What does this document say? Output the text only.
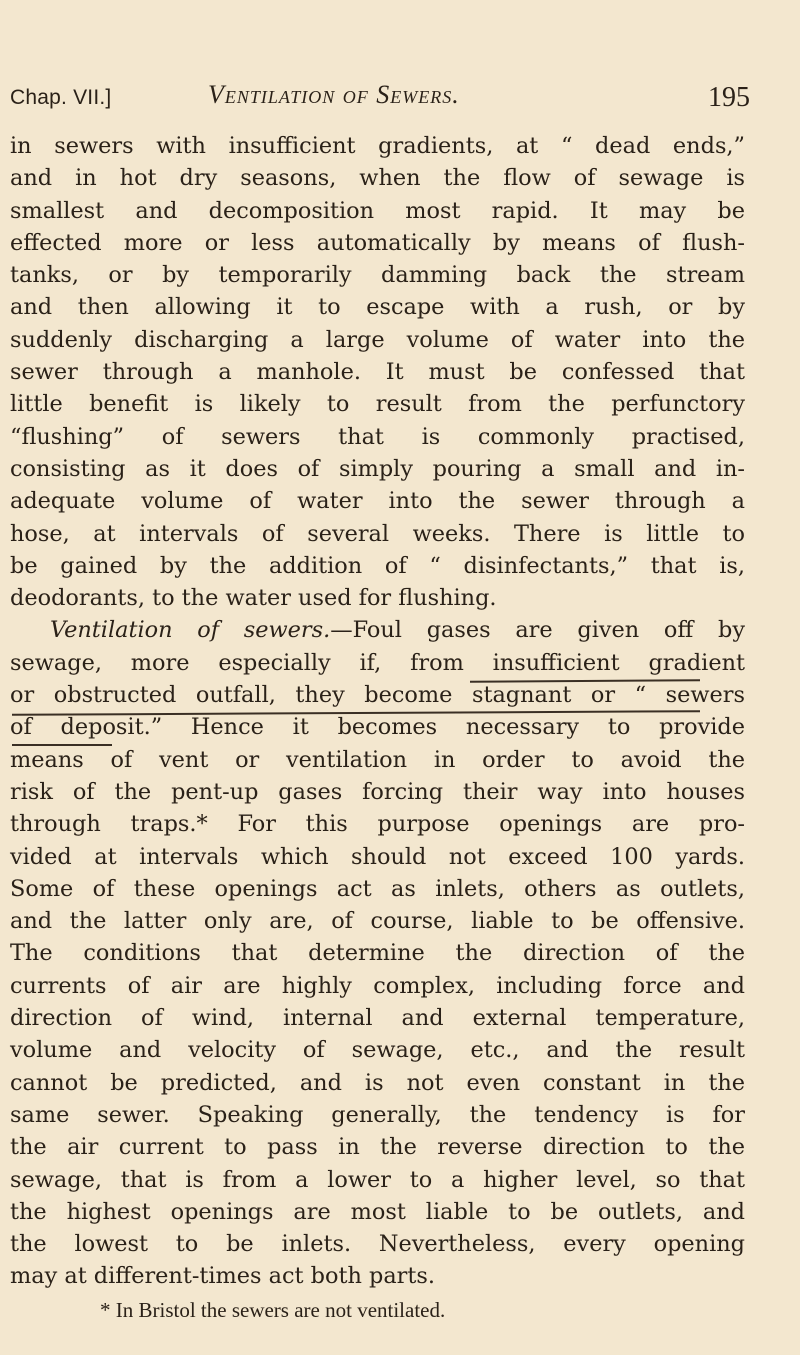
Chap. VII.]	Ventilation of Sewers.	195
in sewers with insufficient gradients, at “ dead ends,”
and in hot dry seasons, when the flow of sewage is
smallest and decomposition most rapid. It may be
effected more or less automatically by means of flush-
tanks, or by temporarily damming back the stream
and then allowing it to escape with a rush, or by
suddenly discharging a large volume of water into the
sewer through a manhole. It must be confessed that
little benefit is likely to result from the perfunctory
“flushing” of sewers that is commonly practised,
consisting as it does of simply pouring a small and in-
adequate volume of water into the sewer through a
hose, at intervals of several weeks. There is little to
be gained by the addition of “ disinfectants,” that is,
deodorants, to the water used for flushing.
Ventilation of sewers.—Foul gases are given off by
sewage, more especially if, from insufficient gradient
or obstructed outfall, they become stagnant or “ sewers
of deposit.” Hence it becomes necessary to provide
means of vent or ventilation in order to avoid the
risk of the pent-up gases forcing their way into houses
through traps.* For this purpose openings are pro-
vided at intervals which should not exceed 100 yards.
Some of these openings act as inlets, others as outlets,
and the latter only are, of course, liable to be offensive.
The conditions that determine the direction of the
currents of air are highly complex, including force and
direction of wind, internal and external temperature,
volume and velocity of sewage, etc., and the result
cannot be predicted, and is not even constant in the
same sewer. Speaking generally, the tendency is for
the air current to pass in the reverse direction to the
sewage, that is from a lower to a higher level, so that
the highest openings are most liable to be outlets, and
the lowest to be inlets. Nevertheless, every opening
may at different-times act both parts.
* In Bristol the sewers are not ventilated.
